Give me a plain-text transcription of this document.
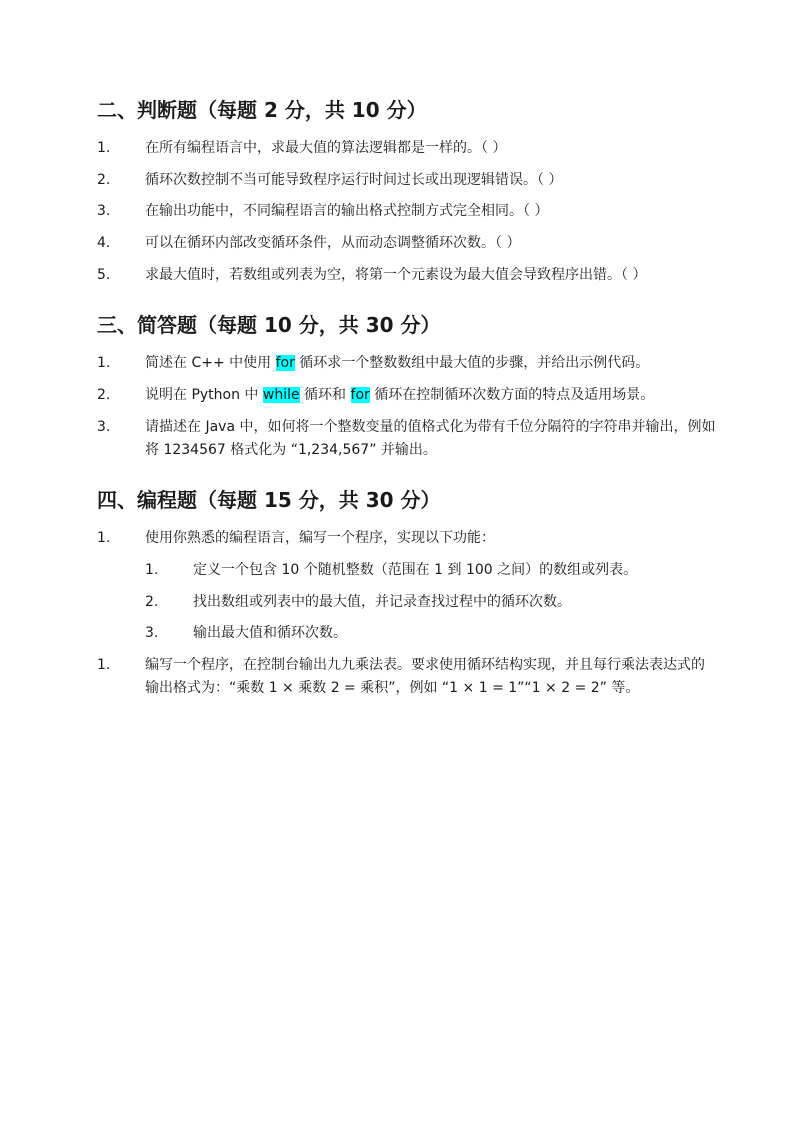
二、判断题（每题 2 分，共 10 分）
1.	在所有编程语言中，求最大值的算法逻辑都是一样的。（ ）
2.	循环次数控制不当可能导致程序运行时间过长或出现逻辑错误。（ ）
3.	在输出功能中，不同编程语言的输出格式控制方式完全相同。（ ）
4.	可以在循环内部改变循环条件，从而动态调整循环次数。（ ）
5.	求最大值时，若数组或列表为空，将第一个元素设为最大值会导致程序出错。（ ）
三、简答题（每题 10 分，共 30 分）
1.	简述在 C++ 中使用 for 循环求一个整数数组中最大值的步骤，并给出示例代码。
2.	说明在 Python 中 while 循环和 for 循环在控制循环次数方面的特点及适用场景。
3.	请描述在 Java 中，如何将一个整数变量的值格式化为带有千位分隔符的字符串并输出，例如将 1234567 格式化为 “1,234,567” 并输出。
四、编程题（每题 15 分，共 30 分）
1.	使用你熟悉的编程语言，编写一个程序，实现以下功能：
1.	定义一个包含 10 个随机整数（范围在 1 到 100 之间）的数组或列表。
2.	找出数组或列表中的最大值，并记录查找过程中的循环次数。
3.	输出最大值和循环次数。
1.	编写一个程序，在控制台输出九九乘法表。要求使用循环结构实现，并且每行乘法表达式的输出格式为：“乘数 1 × 乘数 2 = 乘积”，例如 “1 × 1 = 1”“1 × 2 = 2” 等。
